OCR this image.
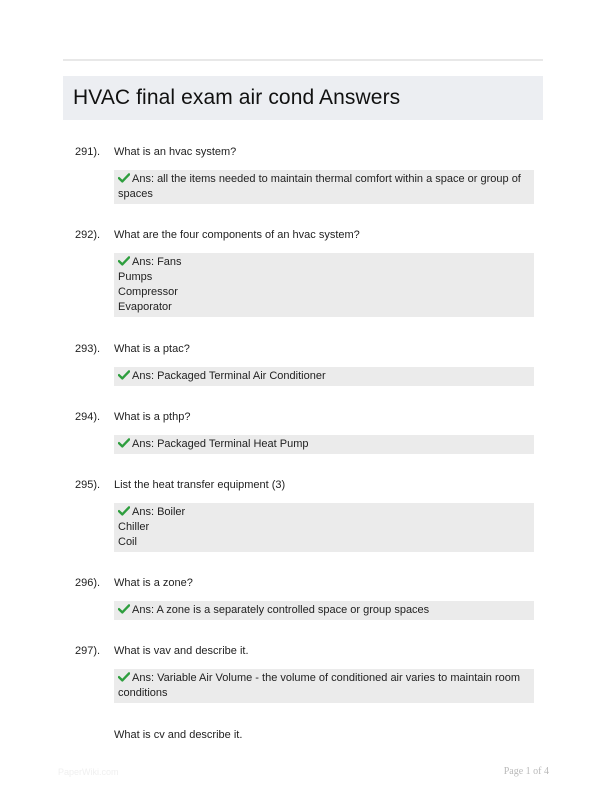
HVAC final exam air cond Answers
291). What is an hvac system?
Ans: all the items needed to maintain thermal comfort within a space or group of
spaces
292). What are the four components of an hvac system?
Ans: Fans
Pumps
Compressor
Evaporator
293). What is a ptac?
Ans: Packaged Terminal Air Conditioner
294). What is a pthp?
Ans: Packaged Terminal Heat Pump
295). List the heat transfer equipment (3)
Ans: Boiler
Chiller
Coil
296). What is a zone?
Ans: A zone is a separately controlled space or group spaces
297). What is vav and describe it.
Ans: Variable Air Volume - the volume of conditioned air varies to maintain room
conditions
What is cv and describe it.
PaperWiki.com	Page 1 of 4
